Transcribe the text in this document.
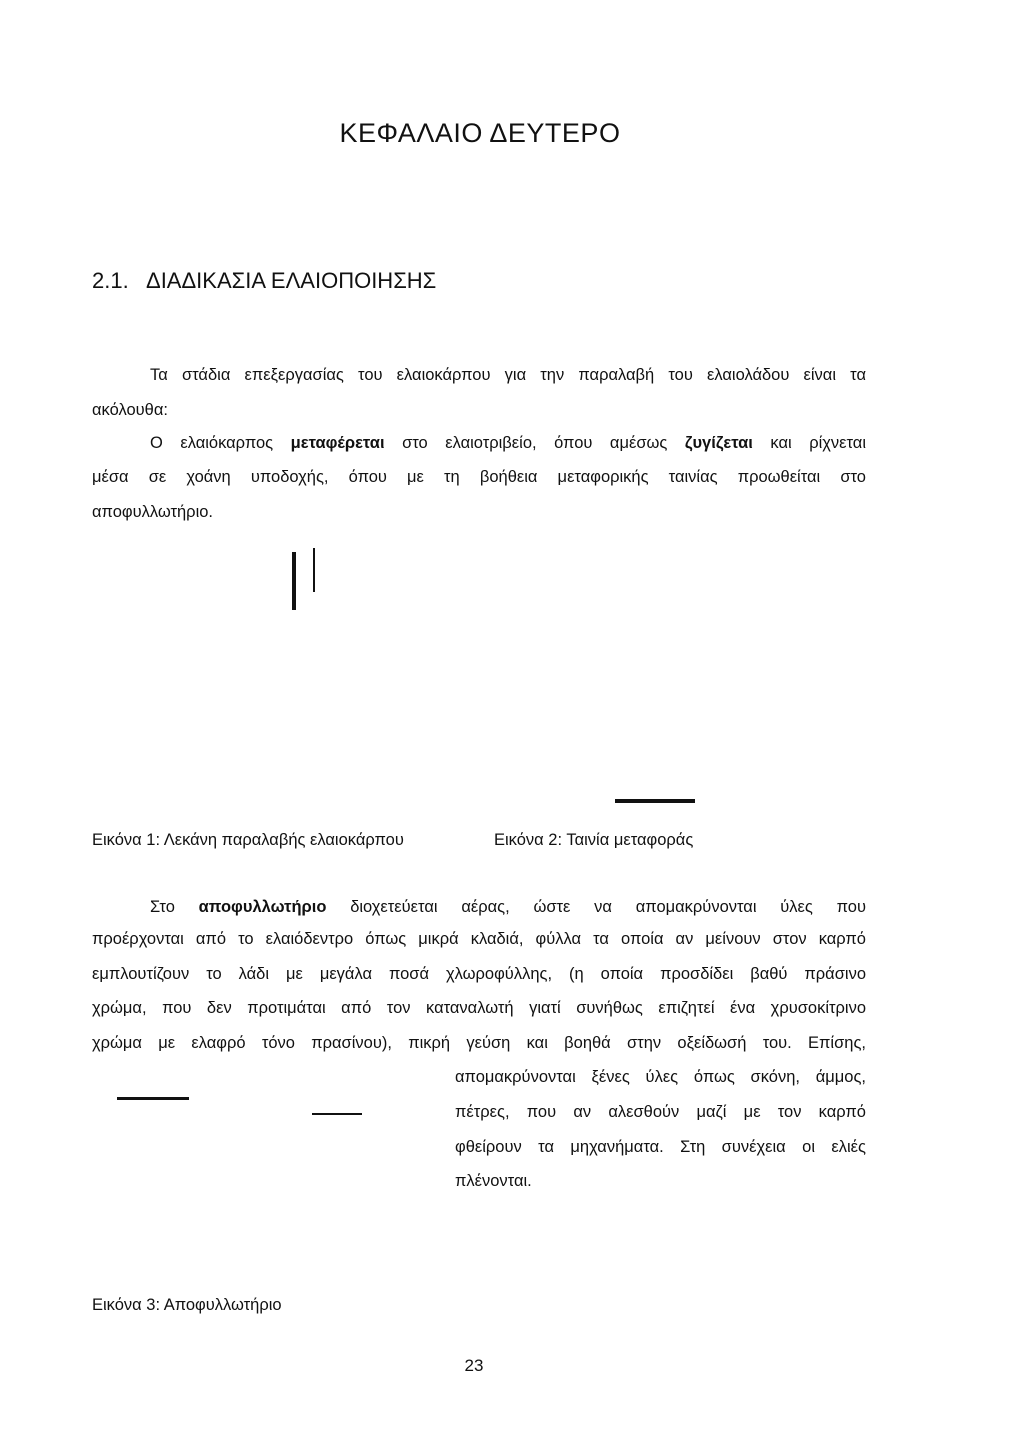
ΚΕΦΑΛΑΙΟ ΔΕΥΤΕΡΟ
2.1. ΔΙΑΔΙΚΑΣΙΑ ΕΛΑΙΟΠΟΙΗΣΗΣ
Τα στάδια επεξεργασίας του ελαιοκάρπου για την παραλαβή του ελαιολάδου είναι τα
ακόλουθα:
Ο ελαιόκαρπος μεταφέρεται στο ελαιοτριβείο, όπου αμέσως ζυγίζεται και ρίχνεται
μέσα σε χοάνη υποδοχής, όπου με τη βοήθεια μεταφορικής ταινίας προωθείται στο
αποφυλλωτήριο.
Εικόνα 1: Λεκάνη παραλαβής ελαιοκάρπου	Εικόνα 2: Ταινία μεταφοράς
Στο αποφυλλωτήριο διοχετεύεται αέρας, ώστε να απομακρύνονται ύλες που
προέρχονται από το ελαιόδεντρο όπως μικρά κλαδιά, φύλλα τα οποία αν μείνουν στον καρπό
εμπλουτίζουν το λάδι με μεγάλα ποσά χλωροφύλλης, (η οποία προσδίδει βαθύ πράσινο
χρώμα, που δεν προτιμάται από τον καταναλωτή γιατί συνήθως επιζητεί ένα χρυσοκίτρινο
χρώμα με ελαφρό τόνο πρασίνου), πικρή γεύση και βοηθά στην οξείδωσή του. Επίσης,
απομακρύνονται ξένες ύλες όπως σκόνη, άμμος,
πέτρες, που αν αλεσθούν μαζί με τον καρπό
φθείρουν τα μηχανήματα. Στη συνέχεια οι ελιές
πλένονται.
Εικόνα 3: Αποφυλλωτήριο
23
